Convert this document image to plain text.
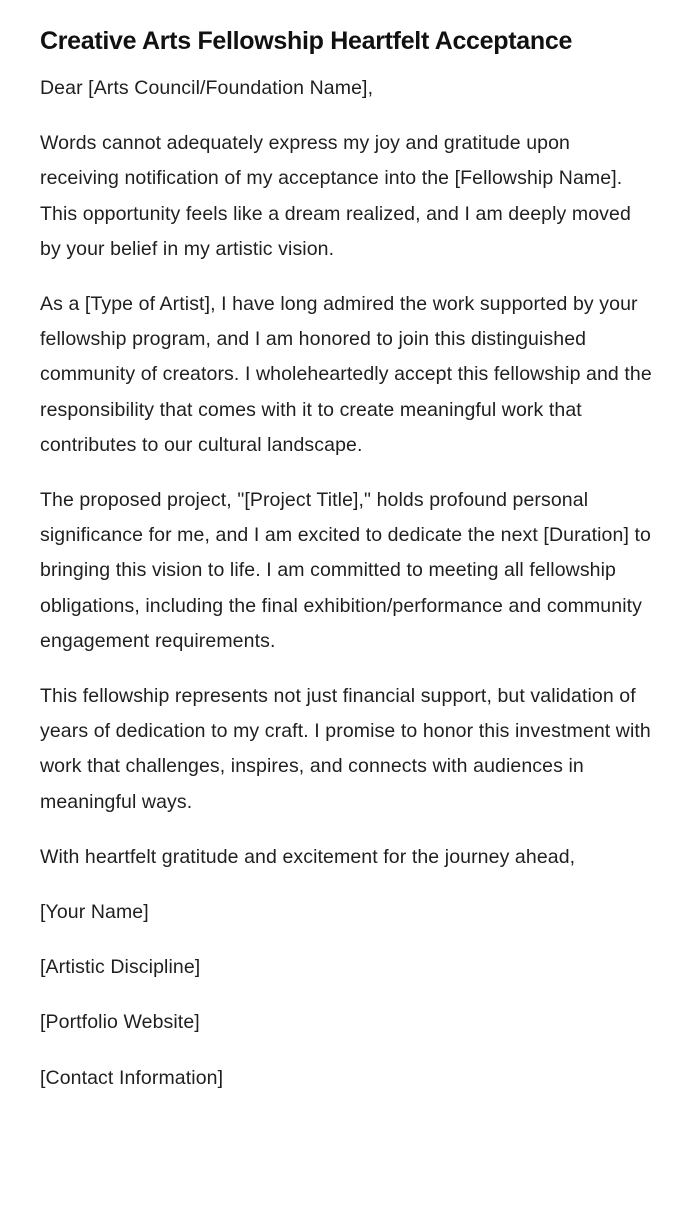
Creative Arts Fellowship Heartfelt Acceptance

Dear [Arts Council/Foundation Name],

Words cannot adequately express my joy and gratitude upon receiving notification of my acceptance into the [Fellowship Name]. This opportunity feels like a dream realized, and I am deeply moved by your belief in my artistic vision.

As a [Type of Artist], I have long admired the work supported by your fellowship program, and I am honored to join this distinguished community of creators. I wholeheartedly accept this fellowship and the responsibility that comes with it to create meaningful work that contributes to our cultural landscape.

The proposed project, "[Project Title]," holds profound personal significance for me, and I am excited to dedicate the next [Duration] to bringing this vision to life. I am committed to meeting all fellowship obligations, including the final exhibition/performance and community engagement requirements.

This fellowship represents not just financial support, but validation of years of dedication to my craft. I promise to honor this investment with work that challenges, inspires, and connects with audiences in meaningful ways.

With heartfelt gratitude and excitement for the journey ahead,

[Your Name]

[Artistic Discipline]

[Portfolio Website]

[Contact Information]
